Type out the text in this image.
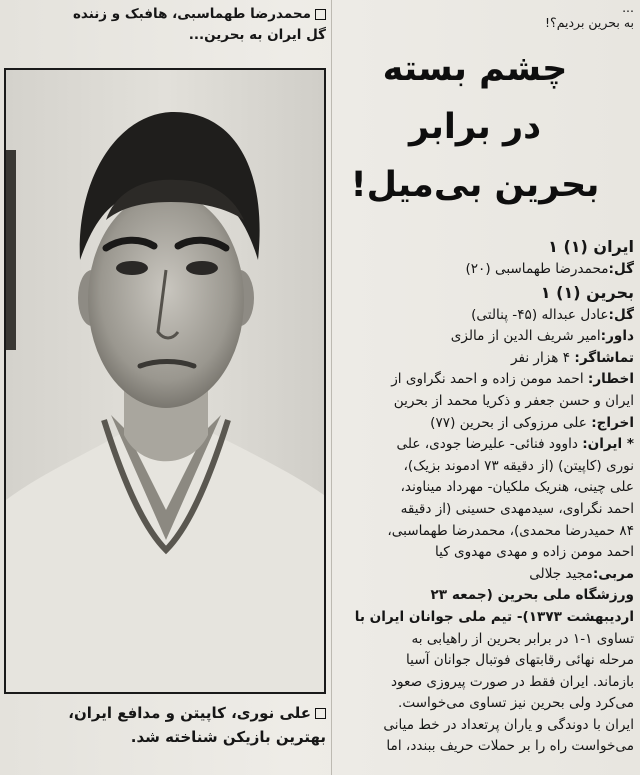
محمدرضا طهماسبی، هافبک و زننده
گل ایران به بحرین...
علی نوری، کاپیتن و مدافع ایران،
بهترین بازیکن شناخته شد.
...
به بحرین بردیم؟!
چشم بسته
در برابر
بحرین بی‌میل!
ایران (۱) ۱
گل:محمدرضا طهماسبی (۲۰)
بحرین (۱) ۱
گل:عادل عبداله (۴۵- پنالتی)
داور:امیر شریف الدین از مالزی
تماشاگر: ۴ هزار نفر
اخطار: احمد مومن زاده و احمد نگراوی از
ایران و حسن جعفر و ذکریا محمد از بحرین
اخراج: علی مرزوکی از بحرین (۷۷)
* ایران: داوود فنائی- علیرضا جودی، علی
نوری (کاپیتن) (از دقیقه ۷۳ ادموند بزیک)،
علی چینی، هنریک ملکیان- مهرداد میناوند،
احمد نگراوی، سیدمهدی حسینی (از دقیقه
۸۴ حمیدرضا محمدی)، محمدرضا طهماسبی،
احمد مومن زاده و مهدی مهدوی کیا
مربی:مجید جلالی
ورزشگاه ملی بحرین (جمعه ۲۳
اردیبهشت ۱۳۷۳)- تیم ملی جوانان ایران با
تساوی ۱-۱ در برابر بحرین از راهیابی به
مرحله نهائی رقابتهای فوتبال جوانان آسیا
بازماند. ایران فقط در صورت پیروزی صعود
می‌کرد ولی بحرین نیز تساوی می‌خواست.
ایران با دوندگی و یاران پرتعداد در خط میانی
می‌خواست راه را بر حملات حریف ببندد، اما
